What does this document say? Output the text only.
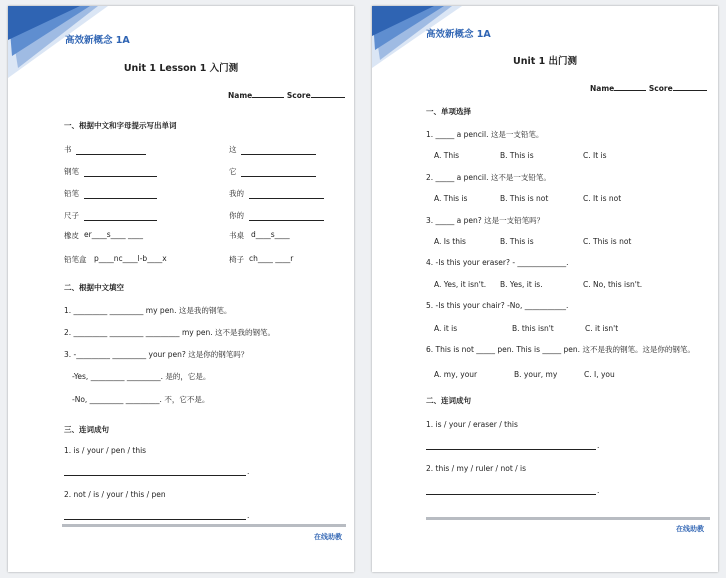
高效新概念 1A
Unit 1 Lesson 1 入门测
Name	Score
一、根据中文和字母提示写出单词
书	这
钢笔	它
铅笔	我的
尺子	你的
橡皮 er____s____ ____	书桌 d____s____
铅笔盒 p____nc____l-b____x	椅子 ch____ ____r
二、根据中文填空
1. _________ _________ my pen. 这是我的钢笔。
2. _________ _________ _________ my pen. 这不是我的钢笔。
3. -_________ _________ your pen? 这是你的钢笔吗？
-Yes, _________ _________. 是的，它是。
-No, _________ _________. 不，它不是。
三、连词成句
1. is / your / pen / this
.
2. not / is / your / this / pen
.
在线助教
高效新概念 1A
Unit 1 出门测
Name	Score
一、单项选择
1. _____ a pencil. 这是一支铅笔。
A. This	B. This is	C. It is
2. _____ a pencil. 这不是一支铅笔。
A. This is	B. This is not	C. It is not
3. _____ a pen? 这是一支铅笔吗？
A. Is this	B. This is	C. This is not
4. -Is this your eraser? - _____________.
A. Yes, it isn't. B. Yes, it is.	C. No, this isn't.
5. -Is this your chair? -No, ___________.
A. it is	B. this isn't	C. it isn't
6. This is not _____ pen. This is _____ pen. 这不是我的钢笔。这是你的钢笔。
A. my, your	B. your, my	C. I, you
二、连词成句
1. is / your / eraser / this
.
2. this / my / ruler / not / is
.
在线助教
